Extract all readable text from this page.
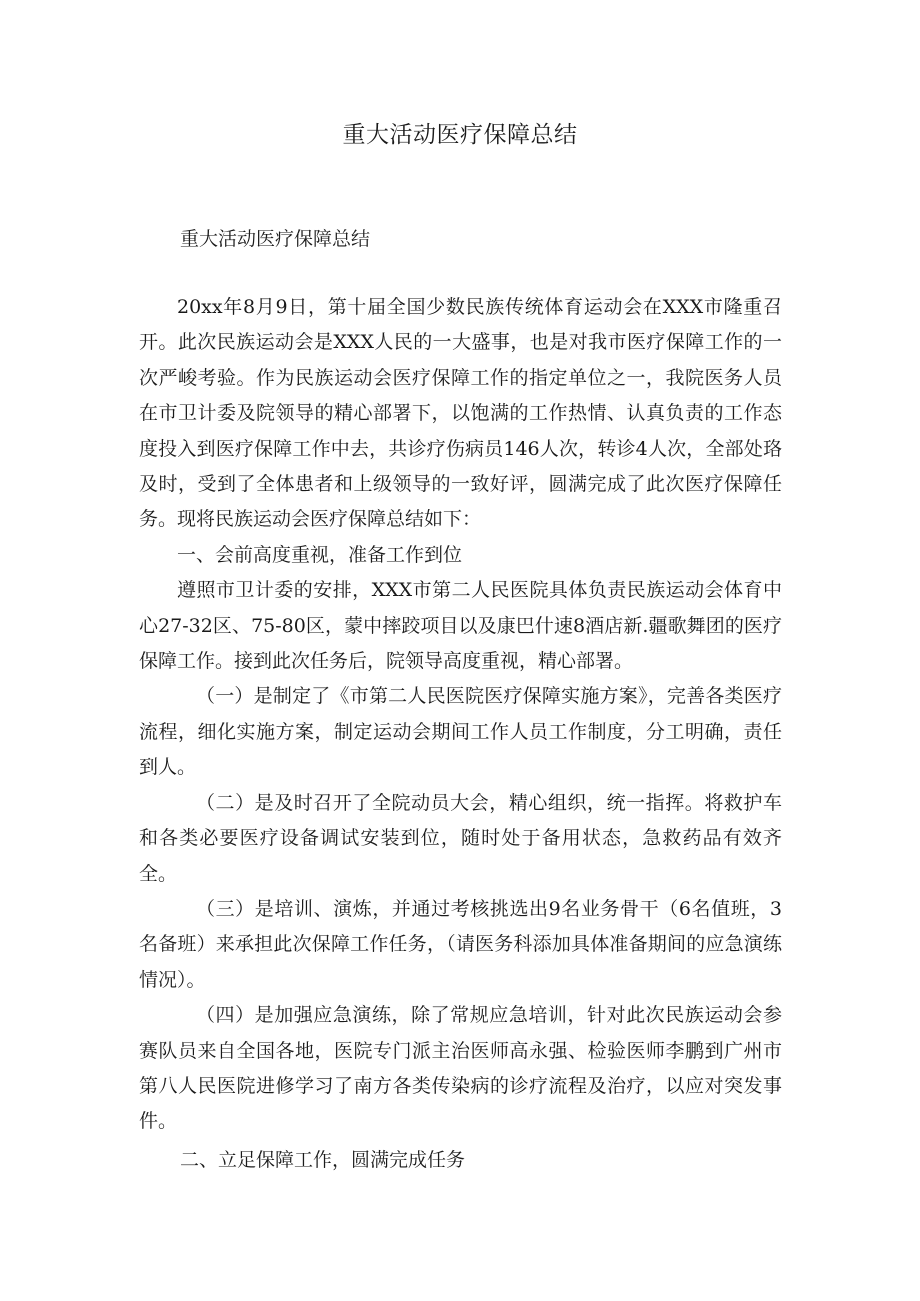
重大活动医疗保障总结

重大活动医疗保障总结

20xx年8月9日，第十届全国少数民族传统体育运动会在XXX市隆重召开。此次民族运动会是XXX人民的一大盛事，也是对我市医疗保障工作的一次严峻考验。作为民族运动会医疗保障工作的指定单位之一，我院医务人员在市卫计委及院领导的精心部署下，以饱满的工作热情、认真负责的工作态度投入到医疗保障工作中去，共诊疗伤病员146人次，转诊4人次，全部处珞及时，受到了全体患者和上级领导的一致好评，圆满完成了此次医疗保障任务。现将民族运动会医疗保障总结如下：

一、会前高度重视，准备工作到位

遵照市卫计委的安排，XXX市第二人民医院具体负责民族运动会体育中心27-32区、75-80区，蒙中摔跤项目以及康巴什速8酒店新.疆歌舞团的医疗保障工作。接到此次任务后，院领导高度重视，精心部署。

（一）是制定了《市第二人民医院医疗保障实施方案》，完善各类医疗流程，细化实施方案，制定运动会期间工作人员工作制度，分工明确，责任到人。

（二）是及时召开了全院动员大会，精心组织，统一指挥。将救护车和各类必要医疗设备调试安装到位，随时处于备用状态，急救药品有效齐全。

（三）是培训、演炼，并通过考核挑选出9名业务骨干（6名值班，3名备班）来承担此次保障工作任务，（请医务科添加具体准备期间的应急演练情况）。

（四）是加强应急演练，除了常规应急培训，针对此次民族运动会参赛队员来自全国各地，医院专门派主治医师高永强、检验医师李鹏到广州市第八人民医院进修学习了南方各类传染病的诊疗流程及治疗，以应对突发事件。

二、立足保障工作，圆满完成任务
